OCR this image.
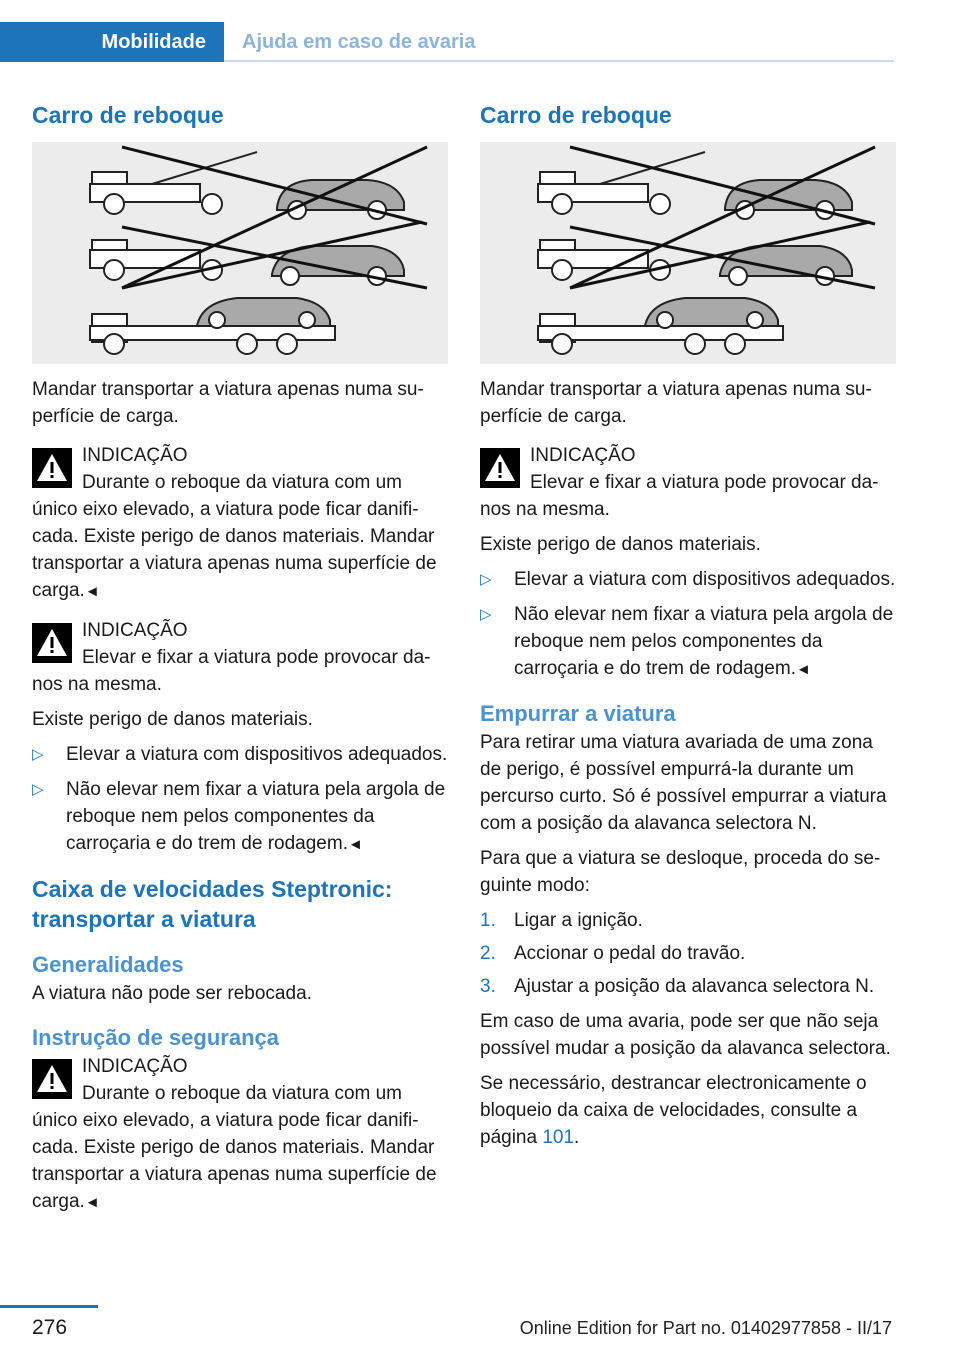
Mobilidade	Ajuda em caso de avaria
Carro de reboque

Mandar transportar a viatura apenas numa superfície de carga.

INDICAÇÃO
Durante o reboque da viatura com um
único eixo elevado, a viatura pode ficar danificada. Existe perigo de danos materiais. Mandar transportar a viatura apenas numa superfície de carga.◄
INDICAÇÃO
Elevar e fixar a viatura pode provocar da-
nos na mesma.

Existe perigo de danos materiais.

▷ Elevar a viatura com dispositivos adequados.
▷ Não elevar nem fixar a viatura pela argola de reboque nem pelos componentes da carroçaria e do trem de rodagem.◄
Caixa de velocidades Steptronic: transportar a viatura
Generalidades

A viatura não pode ser rebocada.

Instrução de segurança
INDICAÇÃO
Durante o reboque da viatura com um
único eixo elevado, a viatura pode ficar danificada. Existe perigo de danos materiais. Mandar transportar a viatura apenas numa superfície de carga.◄
Carro de reboque

Mandar transportar a viatura apenas numa superfície de carga.

INDICAÇÃO
Elevar e fixar a viatura pode provocar da-
nos na mesma.

Existe perigo de danos materiais.

▷ Elevar a viatura com dispositivos adequados.
▷ Não elevar nem fixar a viatura pela argola de reboque nem pelos componentes da carroçaria e do trem de rodagem.◄
Empurrar a viatura

Para retirar uma viatura avariada de uma zona de perigo, é possível empurrá-la durante um percurso curto. Só é possível empurrar a viatura com a posição da alavanca selectora N.

Para que a viatura se desloque, proceda do seguinte modo:

1. Ligar a ignição.
2. Accionar o pedal do travão.
3. Ajustar a posição da alavanca selectora N.

Em caso de uma avaria, pode ser que não seja possível mudar a posição da alavanca selectora.

Se necessário, destrancar electronicamente o bloqueio da caixa de velocidades, consulte a página 101.

276	Online Edition for Part no. 01402977858 - II/17
